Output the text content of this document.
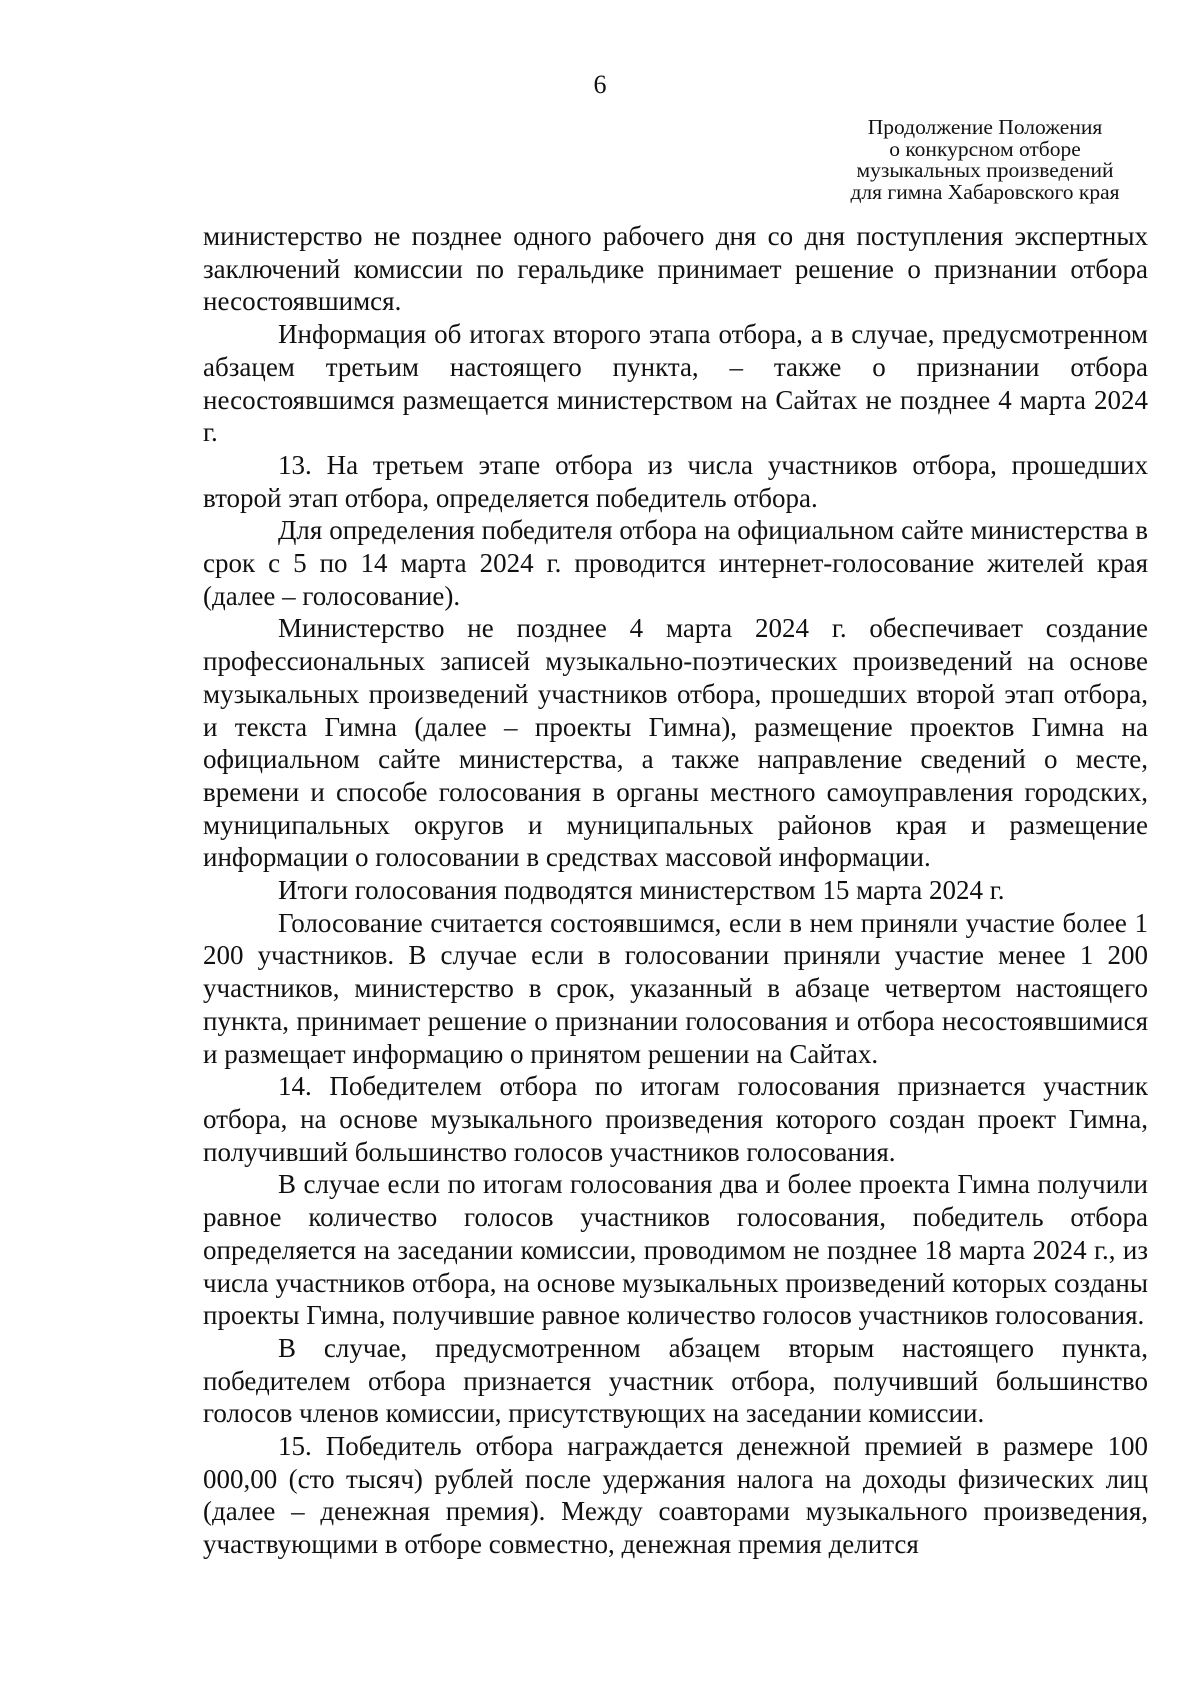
6
Продолжение Положения
о конкурсном отборе
музыкальных произведений
для гимна Хабаровского края

министерство не позднее одного рабочего дня со дня поступления экспертных заключений комиссии по геральдике принимает решение о признании отбора несостоявшимся.

Информация об итогах второго этапа отбора, а в случае, предусмотренном абзацем третьим настоящего пункта, – также о признании отбора несостоявшимся размещается министерством на Сайтах не позднее 4 марта 2024 г.

13. На третьем этапе отбора из числа участников отбора, прошедших второй этап отбора, определяется победитель отбора.

Для определения победителя отбора на официальном сайте министерства в срок с 5 по 14 марта 2024 г. проводится интернет-голосование жителей края (далее – голосование).

Министерство не позднее 4 марта 2024 г. обеспечивает создание профессиональных записей музыкально-поэтических произведений на основе музыкальных произведений участников отбора, прошедших второй этап отбора, и текста Гимна (далее – проекты Гимна), размещение проектов Гимна на официальном сайте министерства, а также направление сведений о месте, времени и способе голосования в органы местного самоуправления городских, муниципальных округов и муниципальных районов края и размещение информации о голосовании в средствах массовой информации.

Итоги голосования подводятся министерством 15 марта 2024 г.

Голосование считается состоявшимся, если в нем приняли участие более 1 200 участников. В случае если в голосовании приняли участие менее 1 200 участников, министерство в срок, указанный в абзаце четвертом настоящего пункта, принимает решение о признании голосования и отбора несостоявшимися и размещает информацию о принятом решении на Сайтах.

14. Победителем отбора по итогам голосования признается участник отбора, на основе музыкального произведения которого создан проект Гимна, получивший большинство голосов участников голосования.

В случае если по итогам голосования два и более проекта Гимна получили равное количество голосов участников голосования, победитель отбора определяется на заседании комиссии, проводимом не позднее 18 марта 2024 г., из числа участников отбора, на основе музыкальных произведений которых созданы проекты Гимна, получившие равное количество голосов участников голосования.

В случае, предусмотренном абзацем вторым настоящего пункта, победителем отбора признается участник отбора, получивший большинство голосов членов комиссии, присутствующих на заседании комиссии.

15. Победитель отбора награждается денежной премией в размере 100 000,00 (сто тысяч) рублей после удержания налога на доходы физических лиц (далее – денежная премия). Между соавторами музыкального произведения, участвующими в отборе совместно, денежная премия делится
